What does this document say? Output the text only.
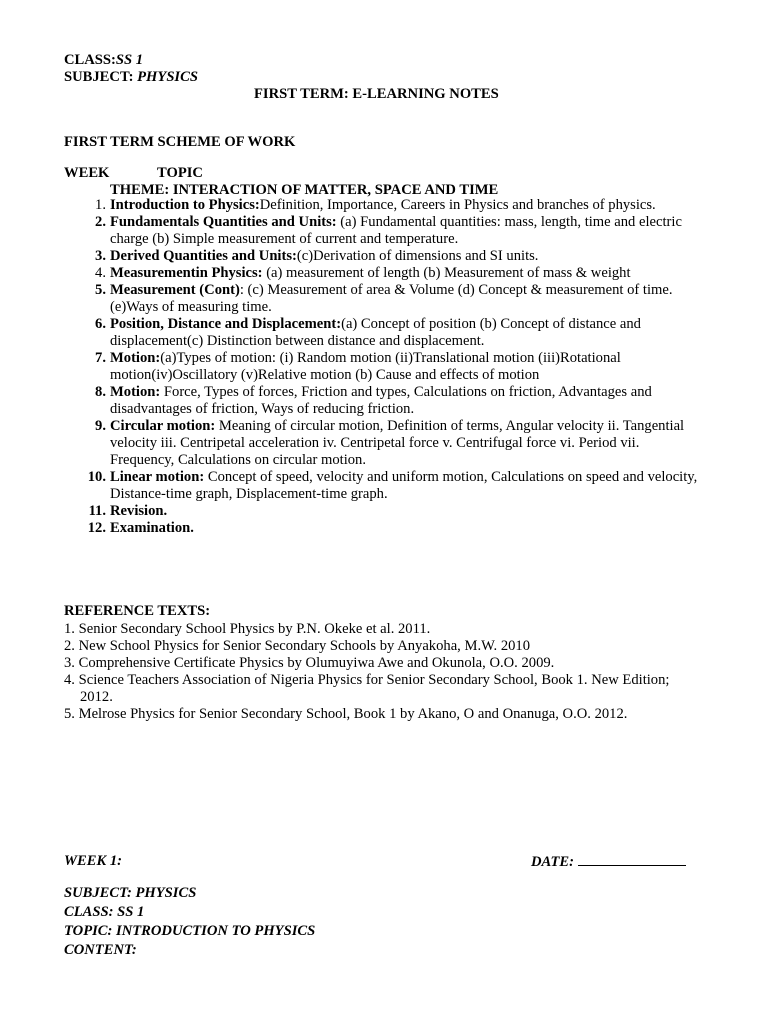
CLASS:SS 1
SUBJECT: PHYSICS
FIRST TERM: E-LEARNING NOTES
FIRST TERM SCHEME OF WORK
WEEK	TOPIC
THEME: INTERACTION OF MATTER, SPACE AND TIME
1. Introduction to Physics:Definition, Importance, Careers in Physics and branches of physics.
2. Fundamentals Quantities and Units: (a) Fundamental quantities: mass, length, time and electric charge (b) Simple measurement of current and temperature.
3. Derived Quantities and Units:(c)Derivation of dimensions and SI units.
4. Measurementin Physics: (a) measurement of length (b) Measurement of mass & weight
5. Measurement (Cont): (c) Measurement of area & Volume (d) Concept & measurement of time. (e)Ways of measuring time.
6. Position, Distance and Displacement:(a) Concept of position (b) Concept of distance and displacement(c) Distinction between distance and displacement.
7. Motion:(a)Types of motion: (i) Random motion (ii)Translational motion (iii)Rotational motion(iv)Oscillatory (v)Relative motion (b) Cause and effects of motion
8. Motion: Force, Types of forces, Friction and types, Calculations on friction, Advantages and disadvantages of friction, Ways of reducing friction.
9. Circular motion: Meaning of circular motion, Definition of terms, Angular velocity ii. Tangential velocity iii. Centripetal acceleration iv. Centripetal force v. Centrifugal force vi. Period vii. Frequency, Calculations on circular motion.
10. Linear motion: Concept of speed, velocity and uniform motion, Calculations on speed and velocity, Distance-time graph, Displacement-time graph.
11. Revision.
12. Examination.
REFERENCE TEXTS:
1. Senior Secondary School Physics by P.N. Okeke et al. 2011.
2. New School Physics for Senior Secondary Schools by Anyakoha, M.W. 2010
3. Comprehensive Certificate Physics by Olumuyiwa Awe and Okunola, O.O. 2009.
4. Science Teachers Association of Nigeria Physics for Senior Secondary School, Book 1. New Edition; 2012.
5. Melrose Physics for Senior Secondary School, Book 1 by Akano, O and Onanuga, O.O. 2012.
WEEK 1:	DATE:
SUBJECT: PHYSICS
CLASS: SS 1
TOPIC: INTRODUCTION TO PHYSICS
CONTENT:
